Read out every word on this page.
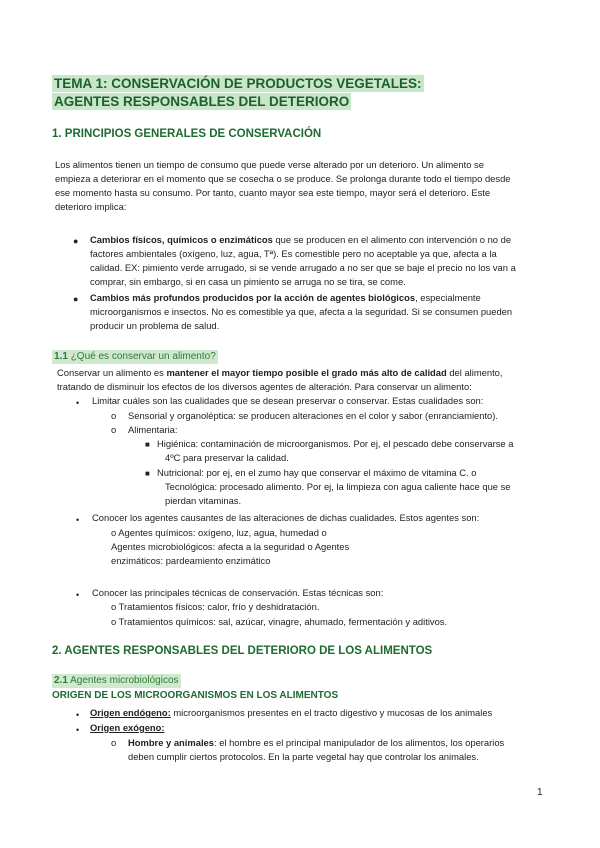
TEMA 1: CONSERVACIÓN DE PRODUCTOS VEGETALES:
AGENTES RESPONSABLES DEL DETERIORO
1. PRINCIPIOS GENERALES DE CONSERVACIÓN
Los alimentos tienen un tiempo de consumo que puede verse alterado por un deterioro. Un alimento se
empieza a deteriorar en el momento que se cosecha o se produce. Se prolonga durante todo el tiempo desde
ese momento hasta su consumo. Por tanto, cuanto mayor sea este tiempo, mayor será el deterioro. Este
deterioro implica:
● Cambios físicos, químicos o enzimáticos que se producen en el alimento con intervención o no de
factores ambientales (oxígeno, luz, agua, Tª). Es comestible pero no aceptable ya que, afecta a la
calidad. EX: pimiento verde arrugado, si se vende arrugado a no ser que se baje el precio no los van a
comprar, sin embargo, si en casa un pimiento se arruga no se tira, se come.
● Cambios más profundos producidos por la acción de agentes biológicos, especialmente
microorganismos e insectos. No es comestible ya que, afecta a la seguridad. Si se consumen pueden
producir un problema de salud.
1.1 ¿Qué es conservar un alimento?
Conservar un alimento es mantener el mayor tiempo posible el grado más alto de calidad del alimento,
tratando de disminuir los efectos de los diversos agentes de alteración. Para conservar un alimento:
• Limitar cuáles son las cualidades que se desean preservar o conservar. Estas cualidades son:
o Sensorial y organoléptica: se producen alteraciones en el color y sabor (enranciamiento).
o Alimentaria:
■ Higiénica: contaminación de microorganismos. Por ej, el pescado debe conservarse a
4ºC para preservar la calidad.
■ Nutricional: por ej, en el zumo hay que conservar el máximo de vitamina C. o
Tecnológica: procesado alimento. Por ej, la limpieza con agua caliente hace que se
pierdan vitaminas.
• Conocer los agentes causantes de las alteraciones de dichas cualidades. Estos agentes son:
o Agentes químicos: oxígeno, luz, agua, humedad o
Agentes microbiológicos: afecta a la seguridad o Agentes
enzimáticos: pardeamiento enzimático
• Conocer las principales técnicas de conservación. Estas técnicas son:
o Tratamientos físicos: calor, frío y deshidratación.
o Tratamientos químicos: sal, azúcar, vinagre, ahumado, fermentación y aditivos.
2. AGENTES RESPONSABLES DEL DETERIORO DE LOS ALIMENTOS
2.1 Agentes microbiológicos
ORIGEN DE LOS MICROORGANISMOS EN LOS ALIMENTOS
• Origen endógeno: microorganismos presentes en el tracto digestivo y mucosas de los animales
• Origen exógeno:
o Hombre y animales: el hombre es el principal manipulador de los alimentos, los operarios
deben cumplir ciertos protocolos. En la parte vegetal hay que controlar los animales.
1
